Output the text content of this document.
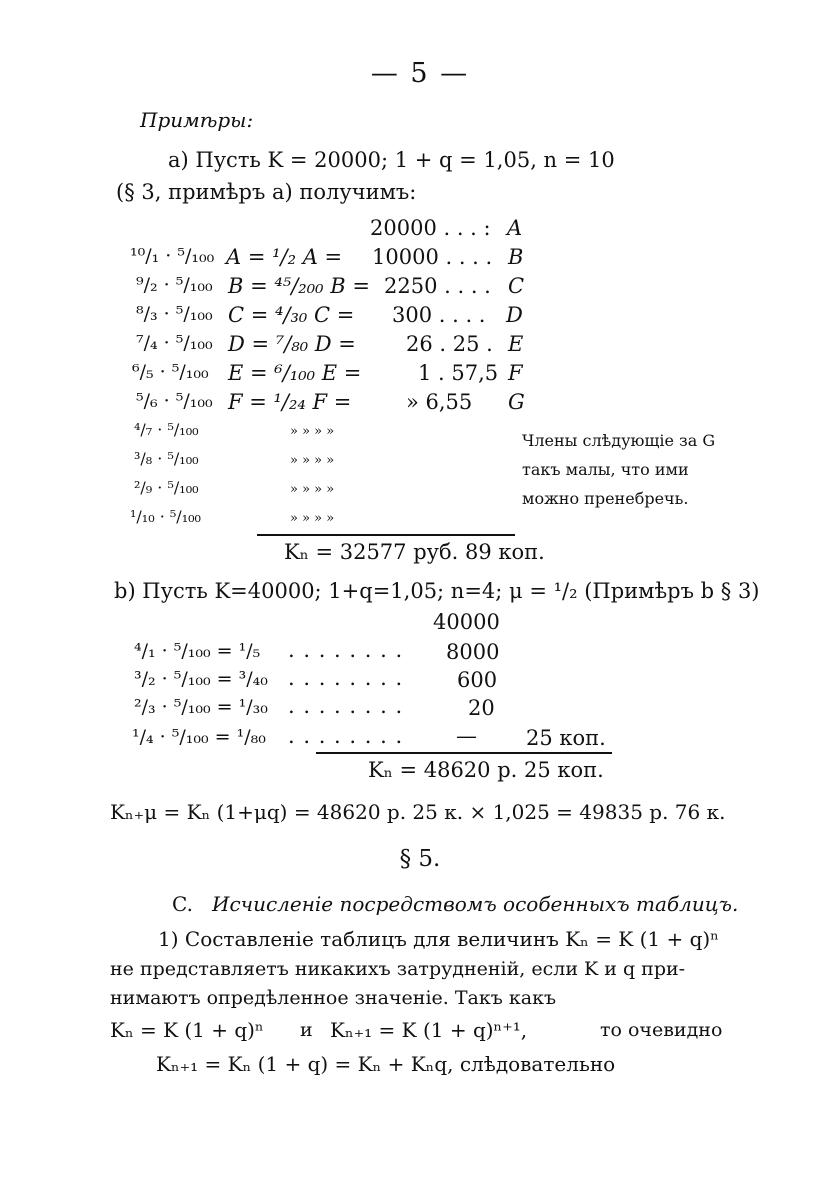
— 5 —
Примѣры:
a) Пусть K = 20000; 1 + q = 1,05, n = 10
(§ 3, примѣръ а) получимъ:
20000 . . . : A
¹⁰/₁ · ⁵/₁₀₀ A = ¹/₂ A = 10000 . . . . B
⁹/₂ · ⁵/₁₀₀ B = ⁴⁵/₂₀₀ B = 2250 . . . . C
⁸/₃ · ⁵/₁₀₀ C = ⁴/₃₀ C = 300 . . . . D
⁷/₄ · ⁵/₁₀₀ D = ⁷/₈₀ D = 26 . 25 . E
⁶/₅ · ⁵/₁₀₀ E = ⁶/₁₀₀ E =	1 . 57,5 F
⁵/₆ · ⁵/₁₀₀ F = ¹/₂₄ F =	» 6,55 G
⁴/₇ · ⁵/₁₀₀	» » » »
³/₈ · ⁵/₁₀₀	» » » »
²/₉ · ⁵/₁₀₀	» » » »
¹/₁₀ · ⁵/₁₀₀	» » » »
Члены слѣдующіе за G такъ малы, что ими можно пренебречь.
Kₙ = 32577 руб. 89 коп.
b) Пусть K=40000; 1+q=1,05; n=4; μ = ¹/₂ (Примѣръ b § 3)
40000
⁴/₁ · ⁵/₁₀₀ = ¹/₅ . . . . . . . . 8000
³/₂ · ⁵/₁₀₀ = ³/₄₀ . . . . . . . .	600
²/₃ · ⁵/₁₀₀ = ¹/₃₀ . . . . . . . .	20
¹/₄ · ⁵/₁₀₀ = ¹/₈₀ . . . . . . . .	— 25 коп.
Kₙ = 48620 р. 25 коп.
Kₙ₊μ = Kₙ (1+μq) = 48620 р. 25 к. × 1,025 = 49835 р. 76 к.
§ 5.
C. Исчисленіе посредствомъ особенныхъ таблицъ.
1) Составленіе таблицъ для величинъ Kₙ = K (1 + q)ⁿ
не представляетъ никакихъ затрудненій, если K и q при-
нимаютъ опредѣленное значеніе. Такъ какъ
Kₙ = K (1 + q)ⁿ и Kₙ₊₁ = K (1 + q)ⁿ⁺¹,	то очевидно
Kₙ₊₁ = Kₙ (1 + q) = Kₙ + Kₙq, слѣдовательно
